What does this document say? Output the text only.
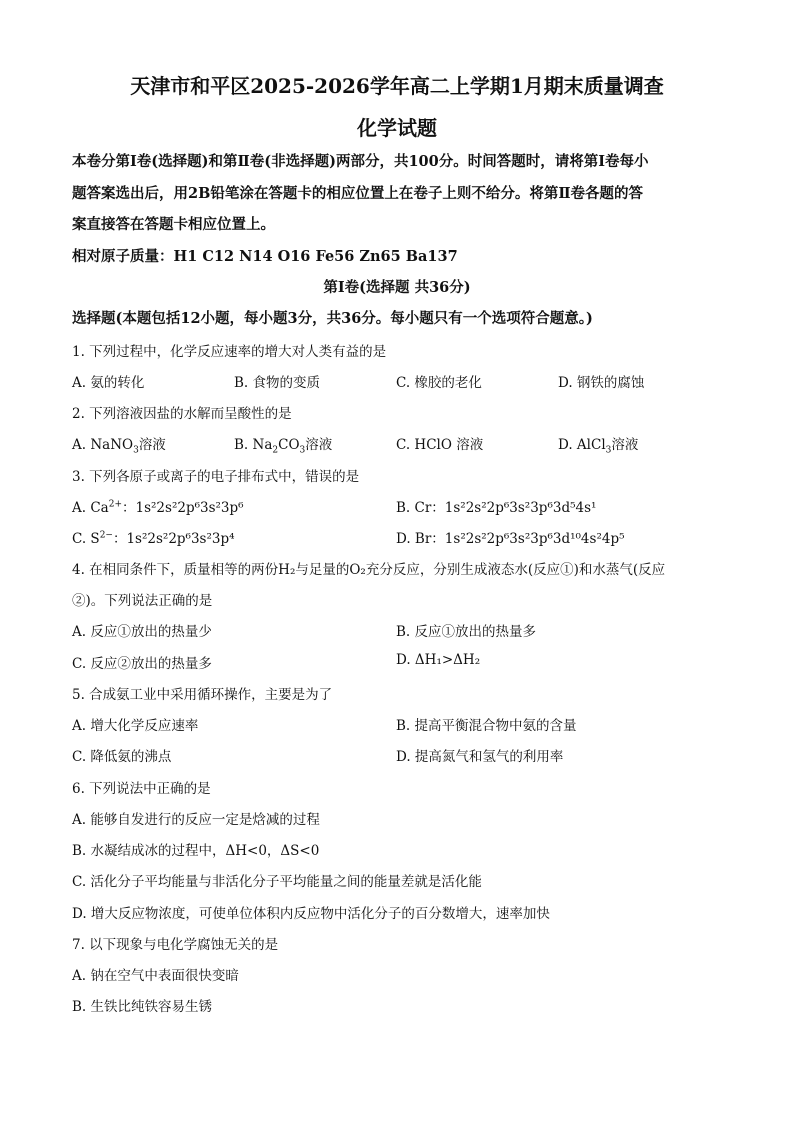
天津市和平区2025-2026学年高二上学期1月期末质量调查
化学试题
本卷分第Ⅰ卷(选择题)和第Ⅱ卷(非选择题)两部分，共100分。时间答题时，请将第Ⅰ卷每小
题答案选出后，用2B铅笔涂在答题卡的相应位置上在卷子上则不给分。将第Ⅱ卷各题的答
案直接答在答题卡相应位置上。
相对原子质量：H1 C12 N14 O16 Fe56 Zn65 Ba137
第Ⅰ卷(选择题 共36分)
选择题(本题包括12小题，每小题3分，共36分。每小题只有一个选项符合题意。)
1. 下列过程中，化学反应速率的增大对人类有益的是
A. 氨的转化	B. 食物的变质	C. 橡胶的老化	D. 钢铁的腐蚀
2. 下列溶液因盐的水解而呈酸性的是
A. NaNO$_3$溶液	B. $Na_2CO_3$溶液	C. HClO 溶液	D. AlCl$_3$溶液
3. 下列各原子或离子的电子排布式中，错误的是
A. $Ca^{2+}$：1s²2s²2p⁶3s²3p⁶	B. Cr：1s²2s²2p⁶3s²3p⁶3d⁵4s¹
C. $S^{2-}$：1s²2s²2p⁶3s²3p⁴	D. Br：1s²2s²2p⁶3s²3p⁶3d¹⁰4s²4p⁵
4. 在相同条件下，质量相等的两份H₂与足量的O₂充分反应，分别生成液态水(反应①)和水蒸气(反应
②)。下列说法正确的是
A. 反应①放出的热量少	B. 反应①放出的热量多
C. 反应②放出的热量多	D. ΔH₁>ΔH₂
5. 合成氨工业中采用循环操作，主要是为了
A. 增大化学反应速率	B. 提高平衡混合物中氨的含量
C. 降低氨的沸点	D. 提高氮气和氢气的利用率
6. 下列说法中正确的是
A. 能够自发进行的反应一定是焓减的过程
B. 水凝结成冰的过程中，ΔH<0，ΔS<0
C. 活化分子平均能量与非活化分子平均能量之间的能量差就是活化能
D. 增大反应物浓度，可使单位体积内反应物中活化分子的百分数增大，速率加快
7. 以下现象与电化学腐蚀无关的是
A. 钠在空气中表面很快变暗
B. 生铁比纯铁容易生锈
